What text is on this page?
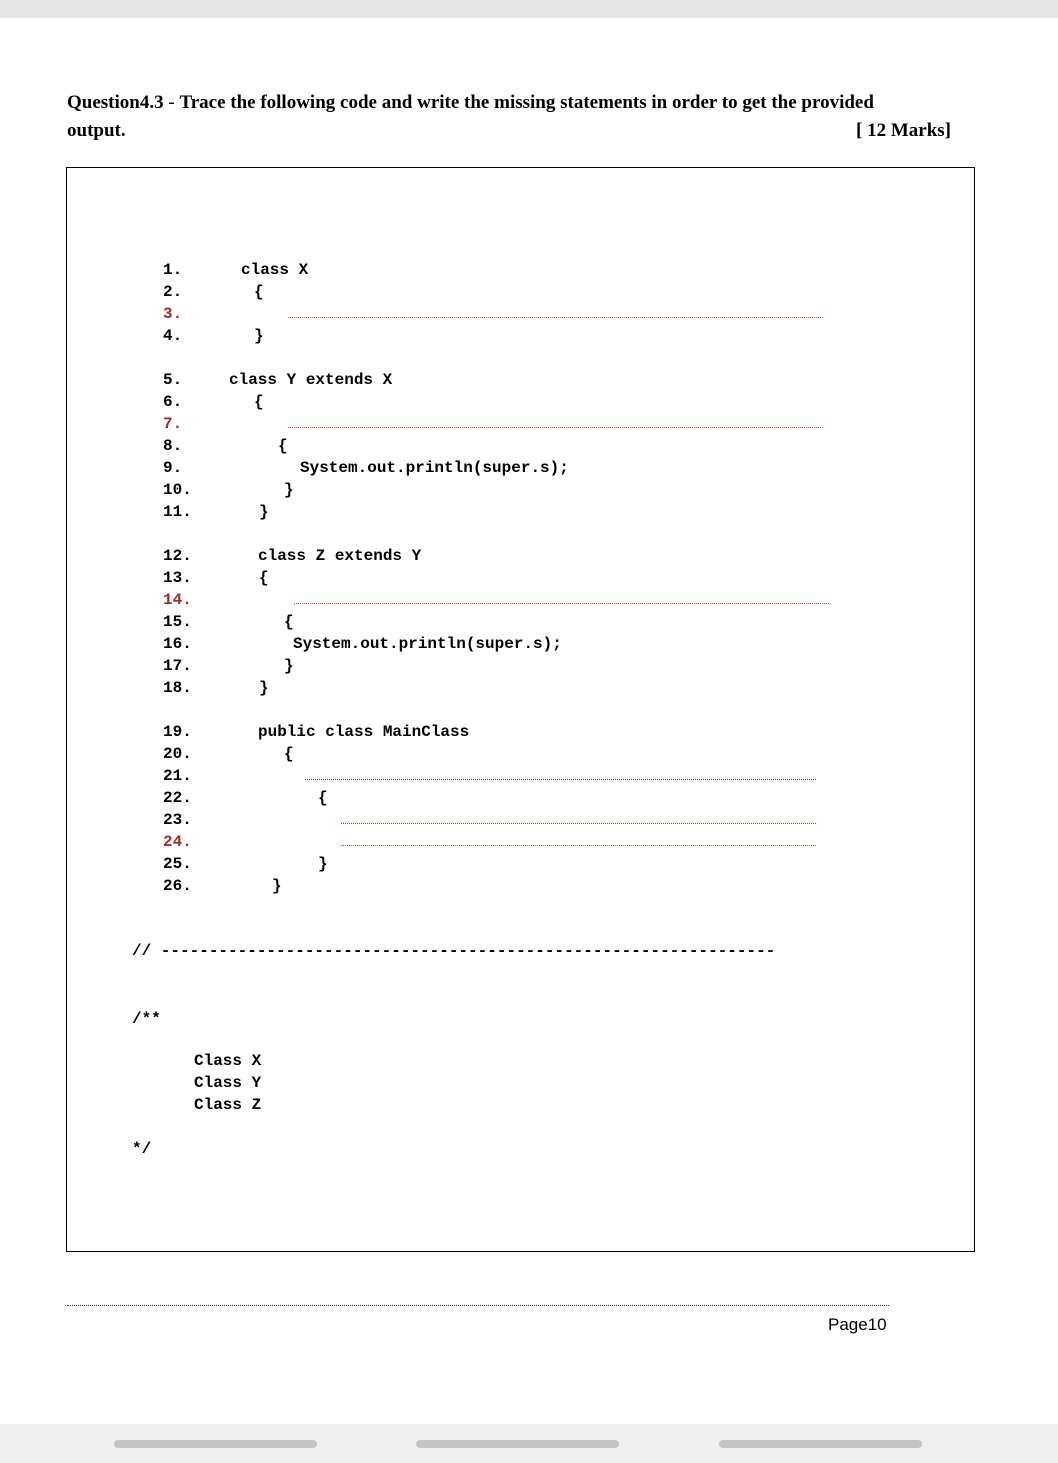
Question4.3 - Trace the following code and write the missing statements in order to get the provided
output.	[ 12 Marks]
1.
2.
3.
4.
5.
6.
7.
8.
9.
10.
11.
12.
13.
14.
15.
16.
17.
18.
19.
20.
21.
22.
23.
24.
25.
26.
class X
{
}
class Y extends X
{
{
System.out.println(super.s);
}
}
class Z extends Y
{
{
System.out.println(super.s);
}
}
public class MainClass
{
{
}
}
// ----------------------------------------------------------------
/**
Class X
Class Y
Class Z
*/
Page10
